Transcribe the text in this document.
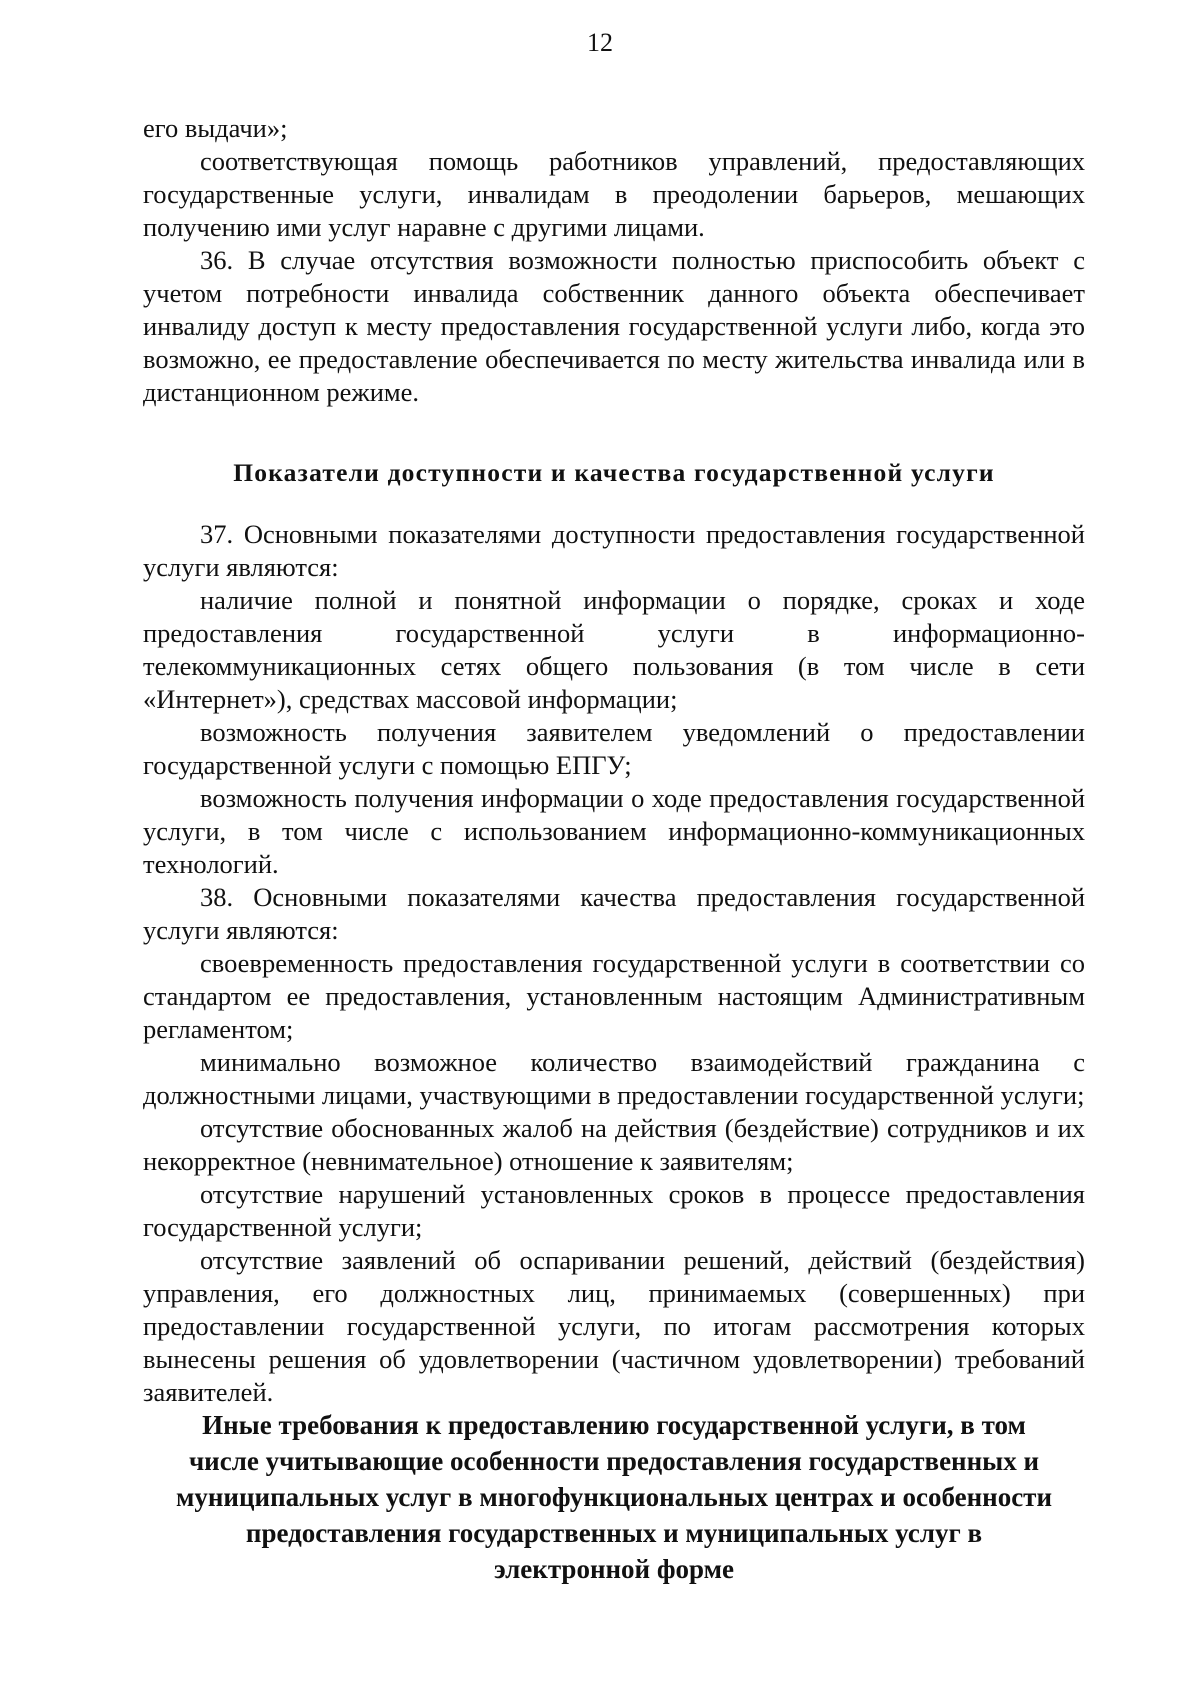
12

его выдачи»;

соответствующая помощь работников управлений, предоставляющих государственные услуги, инвалидам в преодолении барьеров, мешающих получению ими услуг наравне с другими лицами.

36. В случае отсутствия возможности полностью приспособить объект с учетом потребности инвалида собственник данного объекта обеспечивает инвалиду доступ к месту предоставления государственной услуги либо, когда это возможно, ее предоставление обеспечивается по месту жительства инвалида или в дистанционном режиме.

Показатели доступности и качества государственной услуги

37. Основными показателями доступности предоставления государственной услуги являются:

наличие полной и понятной информации о порядке, сроках и ходе предоставления государственной услуги в информационно-телекоммуникационных сетях общего пользования (в том числе в сети «Интернет»), средствах массовой информации;

возможность получения заявителем уведомлений о предоставлении государственной услуги с помощью ЕПГУ;

возможность получения информации о ходе предоставления государственной услуги, в том числе с использованием информационно-коммуникационных технологий.

38. Основными показателями качества предоставления государственной услуги являются:

своевременность предоставления государственной услуги в соответствии со стандартом ее предоставления, установленным настоящим Административным регламентом;

минимально возможное количество взаимодействий гражданина с должностными лицами, участвующими в предоставлении государственной услуги;

отсутствие обоснованных жалоб на действия (бездействие) сотрудников и их некорректное (невнимательное) отношение к заявителям;

отсутствие нарушений установленных сроков в процессе предоставления государственной услуги;

отсутствие заявлений об оспаривании решений, действий (бездействия) управления, его должностных лиц, принимаемых (совершенных) при предоставлении государственной услуги, по итогам рассмотрения которых вынесены решения об удовлетворении (частичном удовлетворении) требований заявителей.

Иные требования к предоставлению государственной услуги, в том
числе учитывающие особенности предоставления государственных и
муниципальных услуг в многофункциональных центрах и особенности
предоставления государственных и муниципальных услуг в
электронной форме
